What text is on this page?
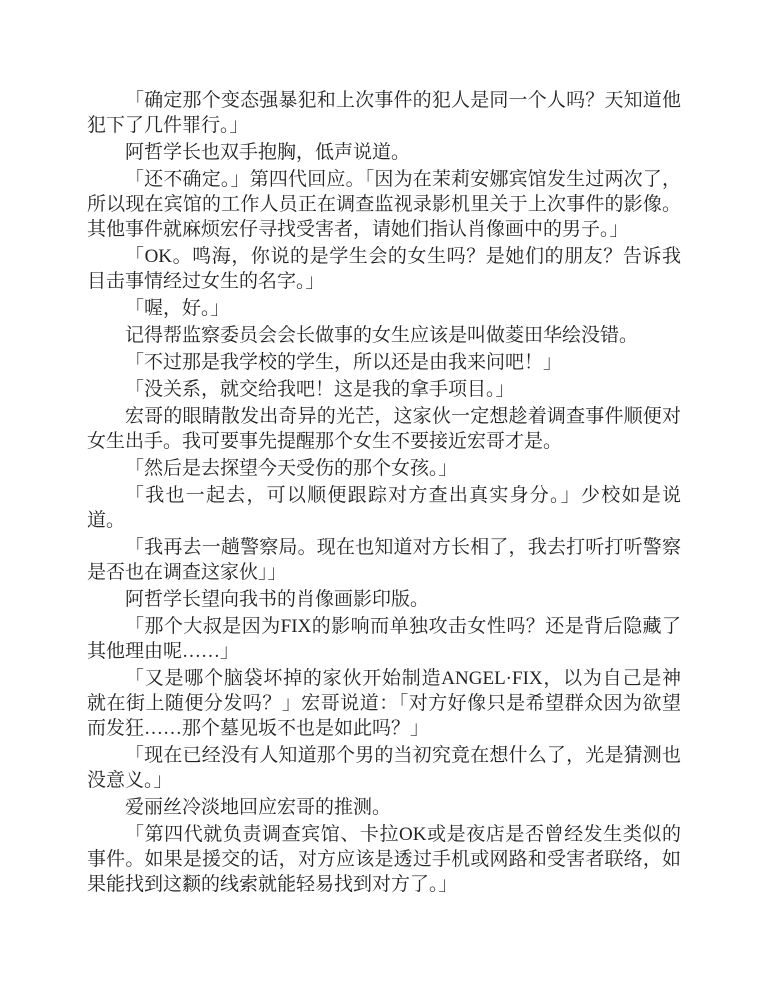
「确定那个变态强暴犯和上次事件的犯人是同一个人吗？天知道他犯下了几件罪行。」

阿哲学长也双手抱胸，低声说道。

「还不确定。」第四代回应。「因为在茉莉安娜宾馆发生过两次了，所以现在宾馆的工作人员正在调查监视录影机里关于上次事件的影像。其他事件就麻烦宏仔寻找受害者，请她们指认肖像画中的男子。」

「OK。鸣海，你说的是学生会的女生吗？是她们的朋友？告诉我目击事情经过女生的名字。」

「喔，好。」

记得帮监察委员会会长做事的女生应该是叫做菱田华绘没错。

「不过那是我学校的学生，所以还是由我来问吧！」

「没关系，就交给我吧！这是我的拿手项目。」

宏哥的眼睛散发出奇异的光芒，这家伙一定想趁着调查事件顺便对女生出手。我可要事先提醒那个女生不要接近宏哥才是。

「然后是去探望今天受伤的那个女孩。」

「我也一起去，可以顺便跟踪对方查出真实身分。」少校如是说道。

「我再去一趟警察局。现在也知道对方长相了，我去打听打听警察是否也在调查这家伙」」

阿哲学长望向我书的肖像画影印版。

「那个大叔是因为FIX的影响而单独攻击女性吗？还是背后隐藏了其他理由呢……」

「又是哪个脑袋坏掉的家伙开始制造ANGEL·FIX，以为自己是神就在街上随便分发吗？」宏哥说道：「对方好像只是希望群众因为欲望而发狂……那个墓见坂不也是如此吗？」

「现在已经没有人知道那个男的当初究竟在想什么了，光是猜测也没意义。」

爱丽丝冷淡地回应宏哥的推测。

「第四代就负责调查宾馆、卡拉OK或是夜店是否曾经发生类似的事件。如果是援交的话，对方应该是透过手机或网路和受害者联络，如果能找到这颣的线索就能轻易找到对方了。」
